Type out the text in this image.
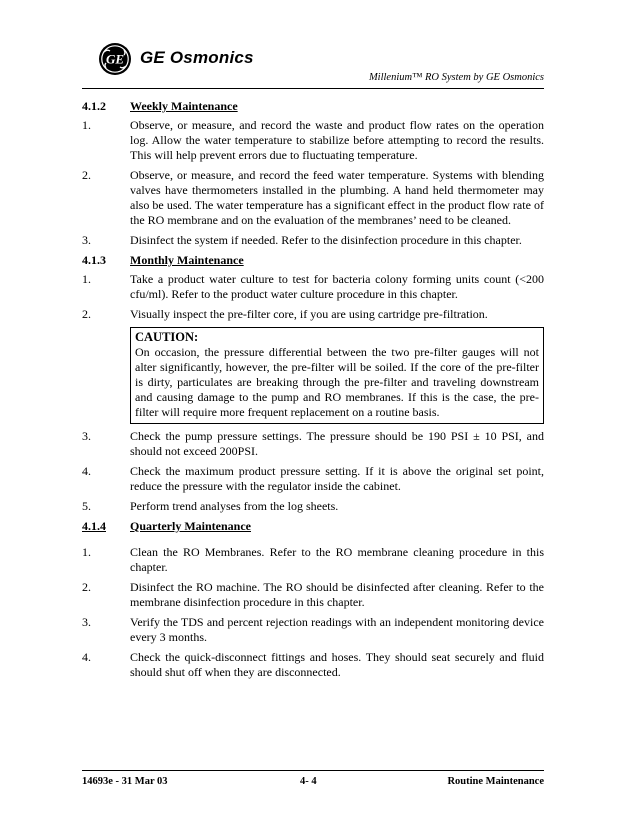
GE GE Osmonics
Millenium™ RO System by GE Osmonics
4.1.2	Weekly Maintenance
1.	Observe, or measure, and record the waste and product flow rates on the operation log. Allow the water temperature to stabilize before attempting to record the results. This will help prevent errors due to fluctuating temperature.
2.	Observe, or measure, and record the feed water temperature. Systems with blending valves have thermometers installed in the plumbing. A hand held thermometer may also be used. The water temperature has a significant effect in the product flow rate of the RO membrane and on the evaluation of the membranes’ need to be cleaned.
3.	Disinfect the system if needed. Refer to the disinfection procedure in this chapter.
4.1.3	Monthly Maintenance
1.	Take a product water culture to test for bacteria colony forming units count (<200 cfu/ml). Refer to the product water culture procedure in this chapter.
2.	Visually inspect the pre-filter core, if you are using cartridge pre-filtration.
CAUTION:
On occasion, the pressure differential between the two pre-filter gauges will not alter significantly, however, the pre-filter will be soiled. If the core of the pre-filter is dirty, particulates are breaking through the pre-filter and traveling downstream and causing damage to the pump and RO membranes. If this is the case, the pre-filter will require more frequent replacement on a routine basis.
3.	Check the pump pressure settings. The pressure should be 190 PSI ± 10 PSI, and should not exceed 200PSI.
4.	Check the maximum product pressure setting. If it is above the original set point, reduce the pressure with the regulator inside the cabinet.
5.	Perform trend analyses from the log sheets.
4.1.4	Quarterly Maintenance
1.	Clean the RO Membranes. Refer to the RO membrane cleaning procedure in this chapter.
2.	Disinfect the RO machine. The RO should be disinfected after cleaning. Refer to the membrane disinfection procedure in this chapter.
3.	Verify the TDS and percent rejection readings with an independent monitoring device every 3 months.
4.	Check the quick-disconnect fittings and hoses. They should seat securely and fluid should shut off when they are disconnected.
14693e - 31 Mar 03	4- 4	Routine Maintenance
